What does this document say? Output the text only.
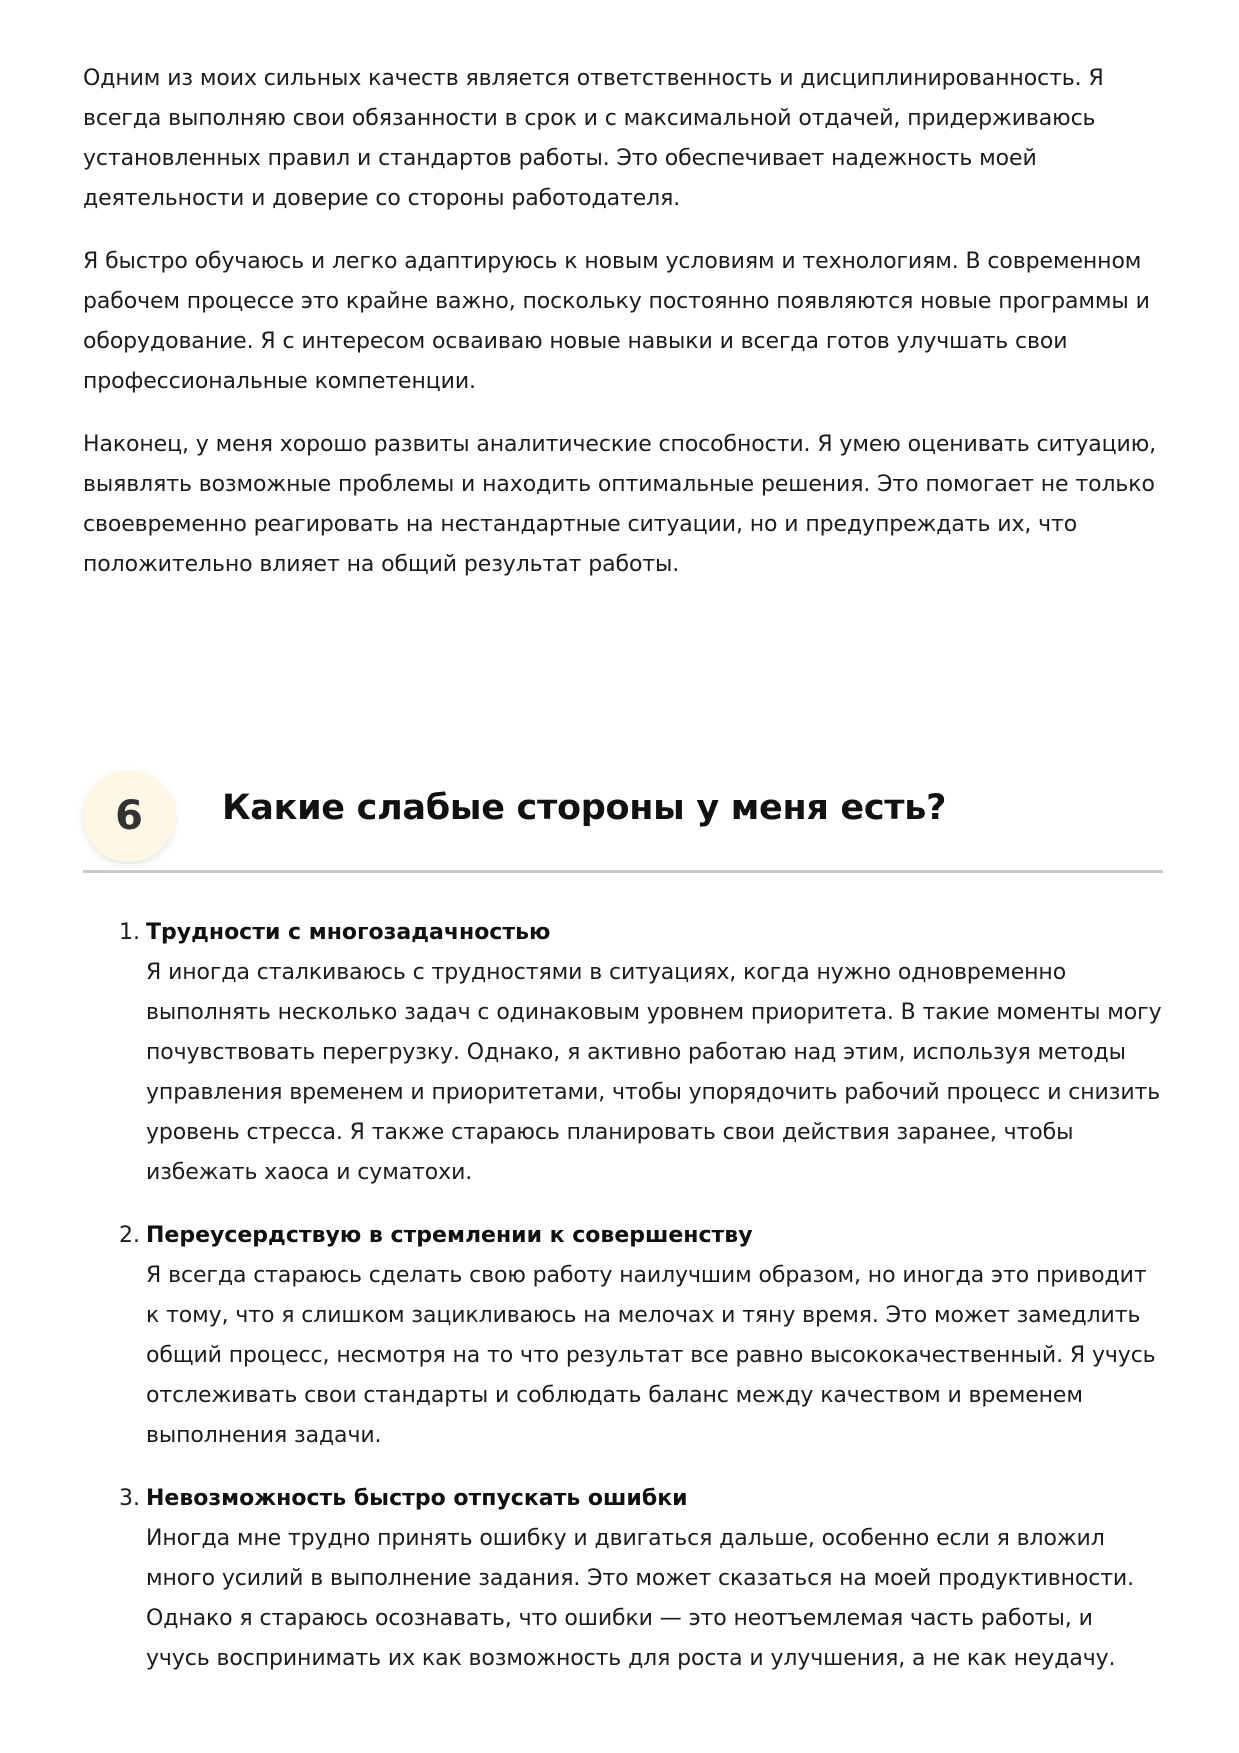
Одним из моих сильных качеств является ответственность и дисциплинированность. Я всегда выполняю свои обязанности в срок и с максимальной отдачей, придерживаюсь установленных правил и стандартов работы. Это обеспечивает надежность моей деятельности и доверие со стороны работодателя.

Я быстро обучаюсь и легко адаптируюсь к новым условиям и технологиям. В современном рабочем процессе это крайне важно, поскольку постоянно появляются новые программы и оборудование. Я с интересом осваиваю новые навыки и всегда готов улучшать свои профессиональные компетенции.

Наконец, у меня хорошо развиты аналитические способности. Я умею оценивать ситуацию, выявлять возможные проблемы и находить оптимальные решения. Это помогает не только своевременно реагировать на нестандартные ситуации, но и предупреждать их, что положительно влияет на общий результат работы.

6	Какие слабые стороны у меня есть?
1. Трудности с многозадачностью
Я иногда сталкиваюсь с трудностями в ситуациях, когда нужно одновременно выполнять несколько задач с одинаковым уровнем приоритета. В такие моменты могу почувствовать перегрузку. Однако, я активно работаю над этим, используя методы управления временем и приоритетами, чтобы упорядочить рабочий процесс и снизить уровень стресса. Я также стараюсь планировать свои действия заранее, чтобы избежать хаоса и суматохи.
2. Переусердствую в стремлении к совершенству
Я всегда стараюсь сделать свою работу наилучшим образом, но иногда это приводит к тому, что я слишком зацикливаюсь на мелочах и тяну время. Это может замедлить общий процесс, несмотря на то что результат все равно высококачественный. Я учусь отслеживать свои стандарты и соблюдать баланс между качеством и временем выполнения задачи.
3. Невозможность быстро отпускать ошибки
Иногда мне трудно принять ошибку и двигаться дальше, особенно если я вложил много усилий в выполнение задания. Это может сказаться на моей продуктивности. Однако я стараюсь осознавать, что ошибки — это неотъемлемая часть работы, и учусь воспринимать их как возможность для роста и улучшения, а не как неудачу.
